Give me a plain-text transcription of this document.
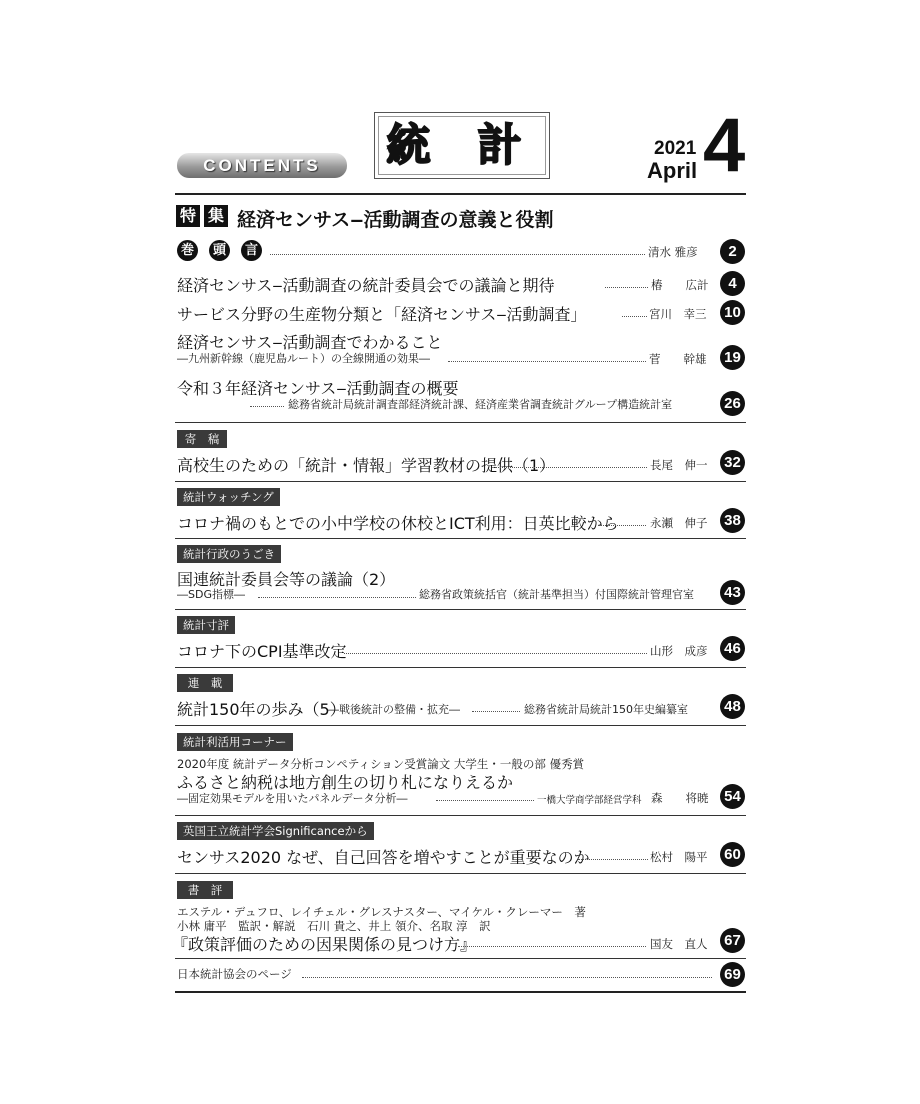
CONTENTS	統 計	2021
April 4
特 集 経済センサス‒活動調査の意義と役割
巻	頭	言	清水 雅彦	2
経済センサス‒活動調査の統計委員会での議論と期待	椿　　広計	4
サービス分野の生産物分類と「経済センサス‒活動調査」	宮川　幸三 10
経済センサス‒活動調査でわかること
―九州新幹線（鹿児島ルート）の全線開通の効果―	菅　　幹雄 19
令和３年経済センサス‒活動調査の概要
総務省統計局統計調査部経済統計課、経済産業省調査統計グループ構造統計室	26
寄　稿
高校生のための「統計・情報」学習教材の提供（1）	長尾　伸一 32
統計ウォッチング
コロナ禍のもとでの小中学校の休校とICT利用：日英比較から	永瀬　伸子 38
統計行政のうごき
国連統計委員会等の議論（2）
―SDG指標―	総務省政策統括官（統計基準担当）付国際統計管理官室 43
統計寸評
コロナ下のCPI基準改定	山形　成彦 46
連　載
統計150年の歩み（5）
―戦後統計の整備・拡充―	総務省統計局統計150年史編纂室 48
統計利活用コーナー
2020年度 統計データ分析コンペティション受賞論文 大学生・一般の部 優秀賞
ふるさと納税は地方創生の切り札になりえるか
―固定効果モデルを用いたパネルデータ分析―	一橋大学商学部経営学科 森　　将暁 54
英国王立統計学会Significanceから
センサス2020 なぜ、自己回答を増やすことが重要なのか	松村　陽平 60
書　評
エステル・デュフロ、レイチェル・グレスナスター、マイケル・クレーマー　著
小林 庸平　監訳・解説　石川 貴之、井上 領介、名取 淳　訳
『政策評価のための因果関係の見つけ方』	国友　直人 67
日本統計協会のページ	69
